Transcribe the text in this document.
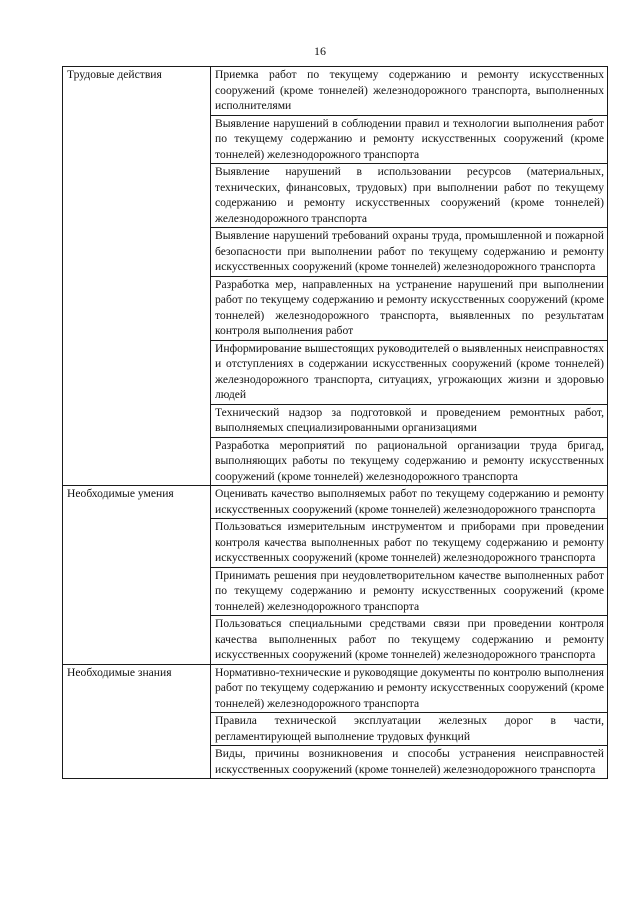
16
Трудовые действия	Приемка работ по текущему содержанию и ремонту искусственных сооружений (кроме тоннелей) железнодорожного транспорта, выполненных исполнителями
	Выявление нарушений в соблюдении правил и технологии выполнения работ по текущему содержанию и ремонту искусственных сооружений (кроме тоннелей) железнодорожного транспорта
	Выявление нарушений в использовании ресурсов (материальных, технических, финансовых, трудовых) при выполнении работ по текущему содержанию и ремонту искусственных сооружений (кроме тоннелей) железнодорожного транспорта
	Выявление нарушений требований охраны труда, промышленной и пожарной безопасности при выполнении работ по текущему содержанию и ремонту искусственных сооружений (кроме тоннелей) железнодорожного транспорта
	Разработка мер, направленных на устранение нарушений при выполнении работ по текущему содержанию и ремонту искусственных сооружений (кроме тоннелей) железнодорожного транспорта, выявленных по результатам контроля выполнения работ
	Информирование вышестоящих руководителей о выявленных неисправностях и отступлениях в содержании искусственных сооружений (кроме тоннелей) железнодорожного транспорта, ситуациях, угрожающих жизни и здоровью людей
	Технический надзор за подготовкой и проведением ремонтных работ, выполняемых специализированными организациями
	Разработка мероприятий по рациональной организации труда бригад, выполняющих работы по текущему содержанию и ремонту искусственных сооружений (кроме тоннелей) железнодорожного транспорта
Необходимые умения	Оценивать качество выполняемых работ по текущему содержанию и ремонту искусственных сооружений (кроме тоннелей) железнодорожного транспорта
	Пользоваться измерительным инструментом и приборами при проведении контроля качества выполненных работ по текущему содержанию и ремонту искусственных сооружений (кроме тоннелей) железнодорожного транспорта
	Принимать решения при неудовлетворительном качестве выполненных работ по текущему содержанию и ремонту искусственных сооружений (кроме тоннелей) железнодорожного транспорта
	Пользоваться специальными средствами связи при проведении контроля качества выполненных работ по текущему содержанию и ремонту искусственных сооружений (кроме тоннелей) железнодорожного транспорта
Необходимые знания	Нормативно-технические и руководящие документы по контролю выполнения работ по текущему содержанию и ремонту искусственных сооружений (кроме тоннелей) железнодорожного транспорта
	Правила технической эксплуатации железных дорог в части, регламентирующей выполнение трудовых функций
	Виды, причины возникновения и способы устранения неисправностей искусственных сооружений (кроме тоннелей) железнодорожного транспорта
